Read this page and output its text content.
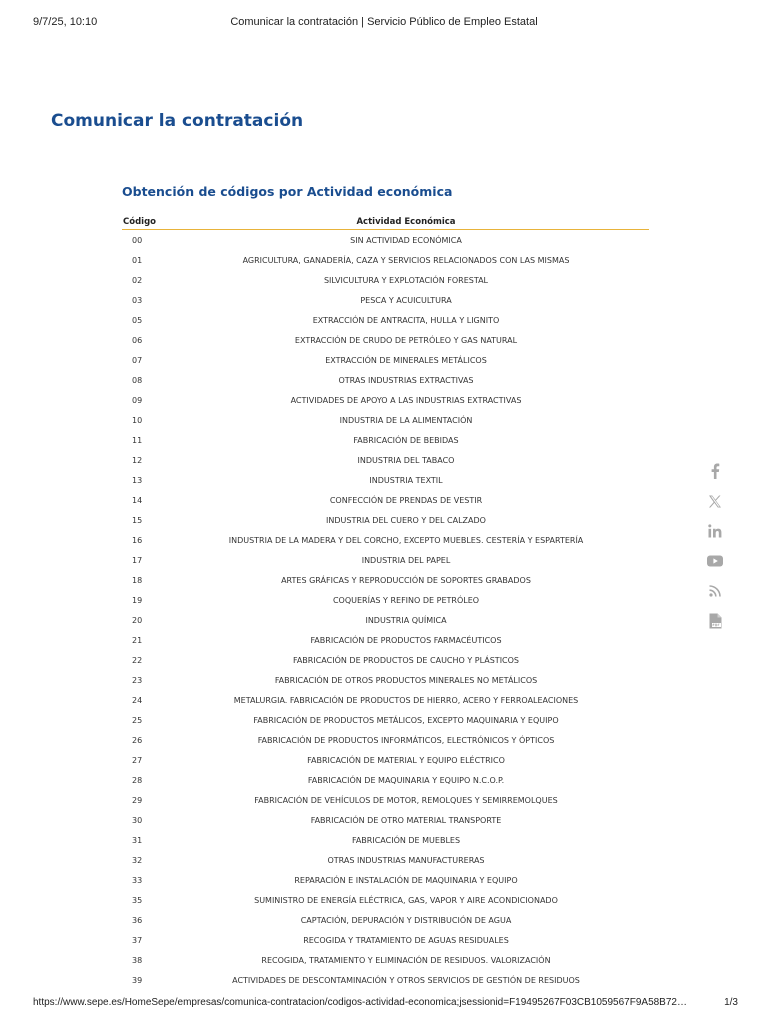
9/7/25, 10:10	Comunicar la contratación | Servicio Público de Empleo Estatal
Comunicar la contratación
Obtención de códigos por Actividad económica
Código	Actividad Económica
00	SIN ACTIVIDAD ECONÓMICA
01	AGRICULTURA, GANADERÍA, CAZA Y SERVICIOS RELACIONADOS CON LAS MISMAS
02	SILVICULTURA Y EXPLOTACIÓN FORESTAL
03	PESCA Y ACUICULTURA
05	EXTRACCIÓN DE ANTRACITA, HULLA Y LIGNITO
06	EXTRACCIÓN DE CRUDO DE PETRÓLEO Y GAS NATURAL
07	EXTRACCIÓN DE MINERALES METÁLICOS
08	OTRAS INDUSTRIAS EXTRACTIVAS
09	ACTIVIDADES DE APOYO A LAS INDUSTRIAS EXTRACTIVAS
10	INDUSTRIA DE LA ALIMENTACIÓN
11	FABRICACIÓN DE BEBIDAS
12	INDUSTRIA DEL TABACO
13	INDUSTRIA TEXTIL
14	CONFECCIÓN DE PRENDAS DE VESTIR
15	INDUSTRIA DEL CUERO Y DEL CALZADO
16	INDUSTRIA DE LA MADERA Y DEL CORCHO, EXCEPTO MUEBLES. CESTERÍA Y ESPARTERÍA
17	INDUSTRIA DEL PAPEL
18	ARTES GRÁFICAS Y REPRODUCCIÓN DE SOPORTES GRABADOS
19	COQUERÍAS Y REFINO DE PETRÓLEO
20	INDUSTRIA QUÍMICA
21	FABRICACIÓN DE PRODUCTOS FARMACÉUTICOS
22	FABRICACIÓN DE PRODUCTOS DE CAUCHO Y PLÁSTICOS
23	FABRICACIÓN DE OTROS PRODUCTOS MINERALES NO METÁLICOS
24	METALURGIA. FABRICACIÓN DE PRODUCTOS DE HIERRO, ACERO Y FERROALEACIONES
25	FABRICACIÓN DE PRODUCTOS METÁLICOS, EXCEPTO MAQUINARIA Y EQUIPO
26	FABRICACIÓN DE PRODUCTOS INFORMÁTICOS, ELECTRÓNICOS Y ÓPTICOS
27	FABRICACIÓN DE MATERIAL Y EQUIPO ELÉCTRICO
28	FABRICACIÓN DE MAQUINARIA Y EQUIPO N.C.O.P.
29	FABRICACIÓN DE VEHÍCULOS DE MOTOR, REMOLQUES Y SEMIRREMOLQUES
30	FABRICACIÓN DE OTRO MATERIAL TRANSPORTE
31	FABRICACIÓN DE MUEBLES
32	OTRAS INDUSTRIAS MANUFACTURERAS
33	REPARACIÓN E INSTALACIÓN DE MAQUINARIA Y EQUIPO
35	SUMINISTRO DE ENERGÍA ELÉCTRICA, GAS, VAPOR Y AIRE ACONDICIONADO
36	CAPTACIÓN, DEPURACIÓN Y DISTRIBUCIÓN DE AGUA
37	RECOGIDA Y TRATAMIENTO DE AGUAS RESIDUALES
38	RECOGIDA, TRATAMIENTO Y ELIMINACIÓN DE RESIDUOS. VALORIZACIÓN
39	ACTIVIDADES DE DESCONTAMINACIÓN Y OTROS SERVICIOS DE GESTIÓN DE RESIDUOS
https://www.sepe.es/HomeSepe/empresas/comunica-contratacion/codigos-actividad-economica;jsessionid=F19495267F03CB1059567F9A58B72…	1/3
